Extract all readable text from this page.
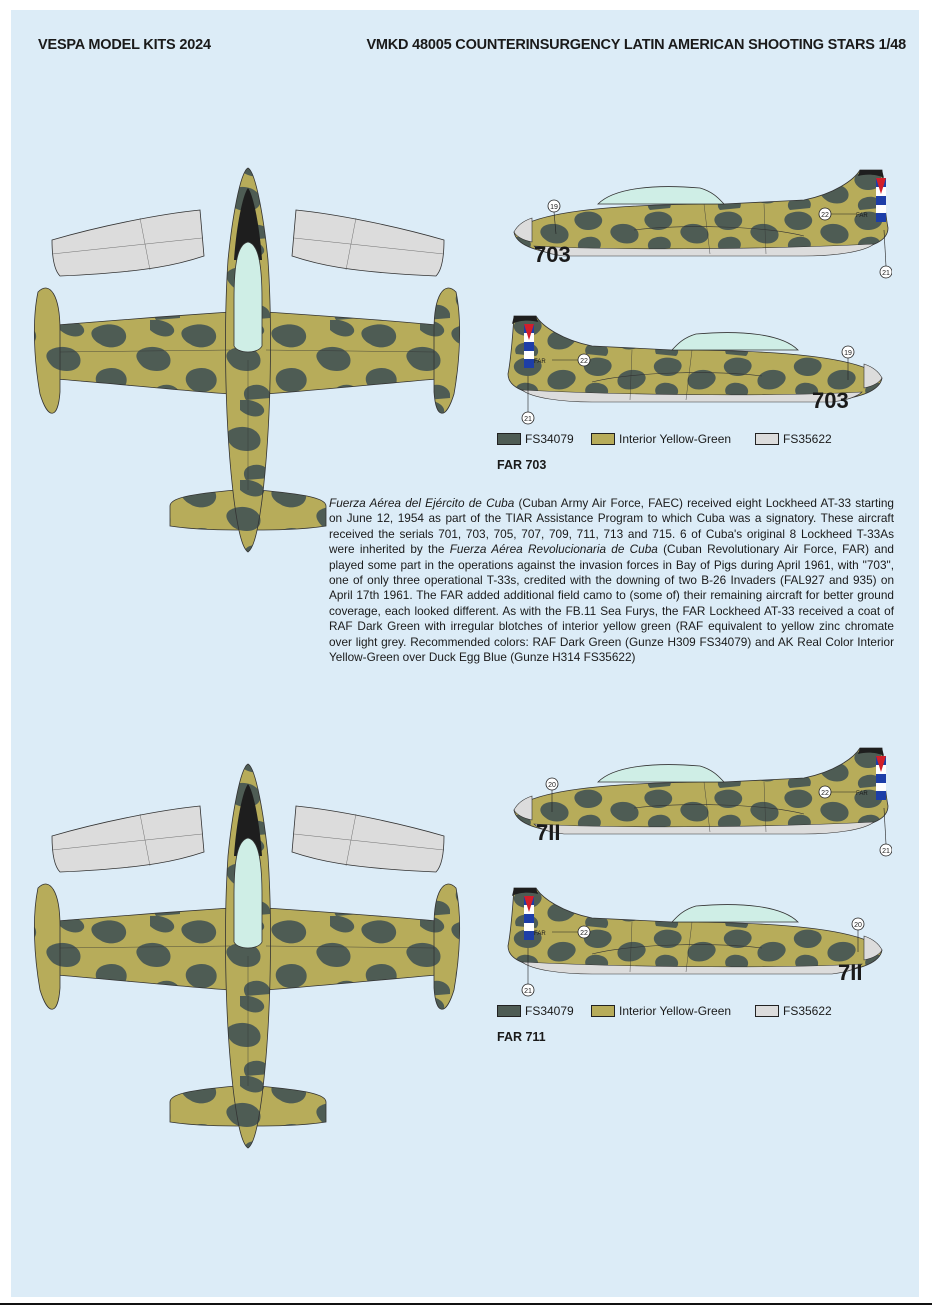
VESPA MODEL KITS 2024	VMKD 48005 COUNTERINSURGENCY LATIN AMERICAN SHOOTING STARS 1/48
703
FAR
19
22
21
703
FAR	22
19
21
FS34079	Interior Yellow-Green	FS35622
FAR 703
Fuerza Aérea del Ejército de Cuba (Cuban Army Air Force, FAEC) received eight Lockheed AT-33 starting on June 12, 1954 as part of the TIAR Assistance Program to which Cuba was a signatory. These aircraft received the serials 701, 703, 705, 707, 709, 711, 713 and 715. 6 of Cuba's original 8 Lockheed T-33As were inherited by the Fuerza Aérea Revolucionaria de Cuba (Cuban Revolutionary Air Force, FAR) and played some part in the operations against the invasion forces in Bay of Pigs during April 1961, with "703", one of only three operational T-33s, credited with the downing of two B-26 Invaders (FAL927 and 935) on April 17th 1961. The FAR added additional field camo to (some of) their remaining aircraft for better ground coverage, each looked different. As with the FB.11 Sea Furys, the FAR Lockheed AT-33 received a coat of RAF Dark Green with irregular blotches of interior yellow green (RAF equivalent to yellow zinc chromate over light grey. Recommended colors: RAF Dark Green (Gunze H309 FS34079) and AK Real Color Interior Yellow-Green over Duck Egg Blue (Gunze H314 FS35622)
7II
FAR
20
22
21
7II
FAR	22
20
21
FS34079	Interior Yellow-Green	FS35622
FAR 711
